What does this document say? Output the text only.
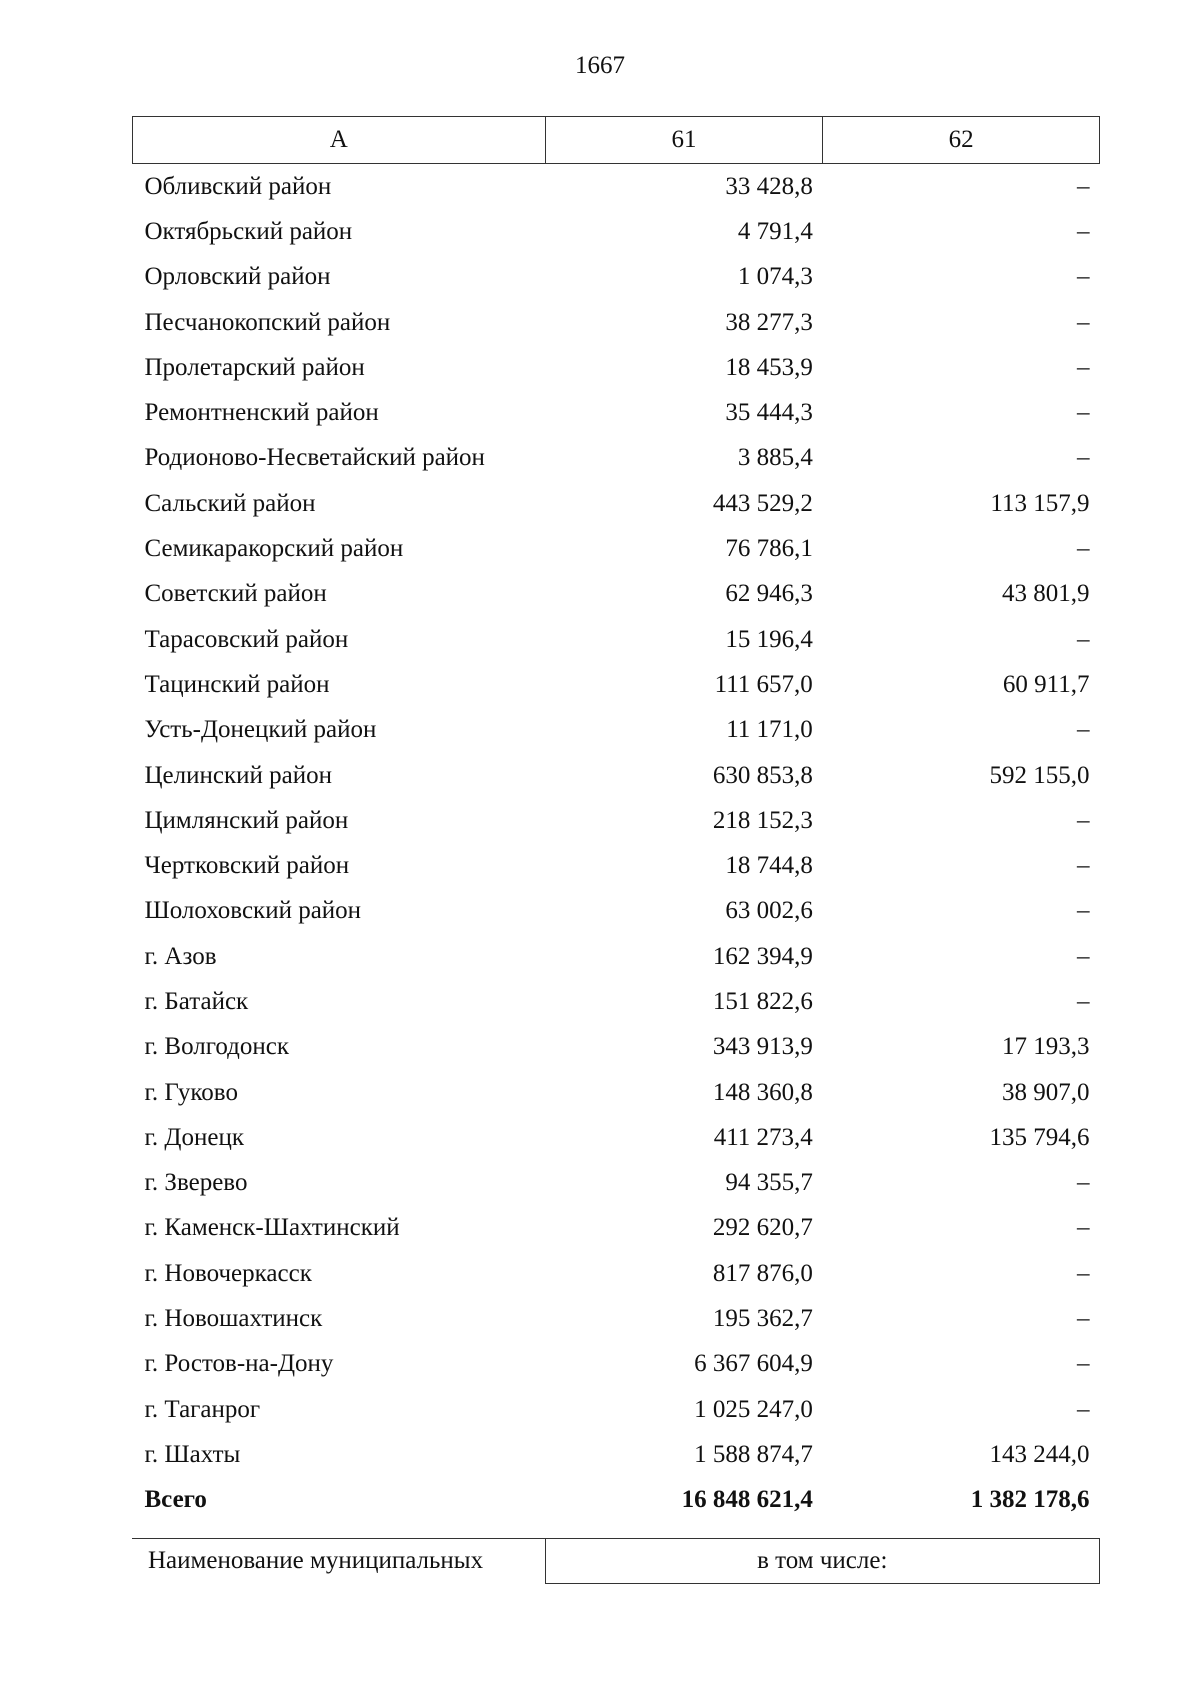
1667
А	61	62
Обливский район	33 428,8	–
Октябрьский район	4 791,4	–
Орловский район	1 074,3	–
Песчанокопский район	38 277,3	–
Пролетарский район	18 453,9	–
Ремонтненский район	35 444,3	–
Родионово-Несветайский район	3 885,4	–
Сальский район	443 529,2	113 157,9
Семикаракорский район	76 786,1	–
Советский район	62 946,3	43 801,9
Тарасовский район	15 196,4	–
Тацинский район	111 657,0	60 911,7
Усть-Донецкий район	11 171,0	–
Целинский район	630 853,8	592 155,0
Цимлянский район	218 152,3	–
Чертковский район	18 744,8	–
Шолоховский район	63 002,6	–
г. Азов	162 394,9	–
г. Батайск	151 822,6	–
г. Волгодонск	343 913,9	17 193,3
г. Гуково	148 360,8	38 907,0
г. Донецк	411 273,4	135 794,6
г. Зверево	94 355,7	–
г. Каменск-Шахтинский	292 620,7	–
г. Новочеркасск	817 876,0	–
г. Новошахтинск	195 362,7	–
г. Ростов-на-Дону	6 367 604,9	–
г. Таганрог	1 025 247,0	–
г. Шахты	1 588 874,7	143 244,0
Всего	16 848 621,4	1 382 178,6
Наименование муниципальных	в том числе:
